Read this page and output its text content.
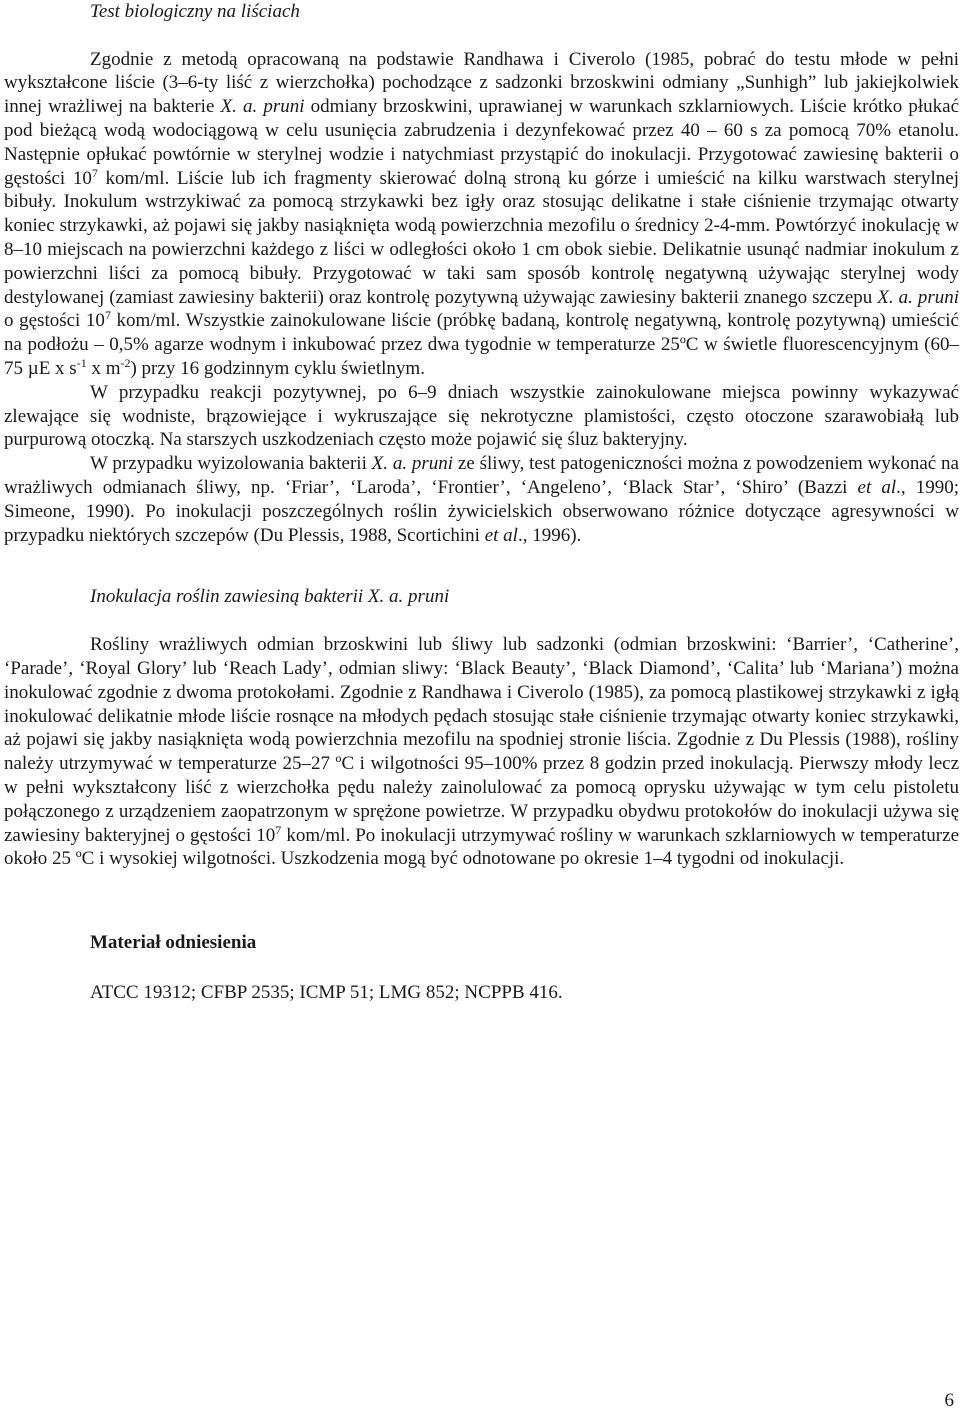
Test biologiczny na liściach

Zgodnie z metodą opracowaną na podstawie Randhawa i Civerolo (1985, pobrać do testu młode w pełni wykształcone liście (3–6-ty liść z wierzchołka) pochodzące z sadzonki brzoskwini odmiany „Sunhigh” lub jakiejkolwiek innej wrażliwej na bakterie X. a. pruni odmiany brzoskwini, uprawianej w warunkach szklarniowych. Liście krótko płukać pod bieżącą wodą wodociągową w celu usunięcia zabrudzenia i dezynfekować przez 40 – 60 s za pomocą 70% etanolu. Następnie opłukać powtórnie w sterylnej wodzie i natychmiast przystąpić do inokulacji. Przygotować zawiesinę bakterii o gęstości $10^7$ kom/ml. Liście lub ich fragmenty skierować dolną stroną ku górze i umieścić na kilku warstwach sterylnej bibuły. Inokulum wstrzykiwać za pomocą strzykawki bez igły oraz stosując delikatne i stałe ciśnienie trzymając otwarty koniec strzykawki, aż pojawi się jakby nasiąknięta wodą powierzchnia mezofilu o średnicy 2-4-mm. Powtórzyć inokulację w 8–10 miejscach na powierzchni każdego z liści w odległości około 1 cm obok siebie. Delikatnie usunąć nadmiar inokulum z powierzchni liści za pomocą bibuły. Przygotować w taki sam sposób kontrolę negatywną używając sterylnej wody destylowanej (zamiast zawiesiny bakterii) oraz kontrolę pozytywną używając zawiesiny bakterii znanego szczepu X. a. pruni o gęstości $10^7$ kom/ml. Wszystkie zainokulowane liście (próbkę badaną, kontrolę negatywną, kontrolę pozytywną) umieścić na podłożu – 0,5% agarze wodnym i inkubować przez dwa tygodnie w temperaturze 25ºC w świetle fluorescencyjnym (60–75 µE x $s^{-1}$ x $m^{-2}$) przy 16 godzinnym cyklu świetlnym.

W przypadku reakcji pozytywnej, po 6–9 dniach wszystkie zainokulowane miejsca powinny wykazywać zlewające się wodniste, brązowiejące i wykruszające się nekrotyczne plamistości, często otoczone szarawobiałą lub purpurową otoczką. Na starszych uszkodzeniach często może pojawić się śluz bakteryjny.

W przypadku wyizolowania bakterii X. a. pruni ze śliwy, test patogeniczności można z powodzeniem wykonać na wrażliwych odmianach śliwy, np. ‘Friar’, ‘Laroda’, ‘Frontier’, ‘Angeleno’, ‘Black Star’, ‘Shiro’ (Bazzi et al., 1990; Simeone, 1990). Po inokulacji poszczególnych roślin żywicielskich obserwowano różnice dotyczące agresywności w przypadku niektórych szczepów (Du Plessis, 1988, Scortichini et al., 1996).

Inokulacja roślin zawiesiną bakterii X. a. pruni

Rośliny wrażliwych odmian brzoskwini lub śliwy lub sadzonki (odmian brzoskwini: ‘Barrier’, ‘Catherine’, ‘Parade’, ‘Royal Glory’ lub ‘Reach Lady’, odmian sliwy: ‘Black Beauty’, ‘Black Diamond’, ‘Calita’ lub ‘Mariana’) można inokulować zgodnie z dwoma protokołami. Zgodnie z Randhawa i Civerolo (1985), za pomocą plastikowej strzykawki z igłą inokulować delikatnie młode liście rosnące na młodych pędach stosując stałe ciśnienie trzymając otwarty koniec strzykawki, aż pojawi się jakby nasiąknięta wodą powierzchnia mezofilu na spodniej stronie liścia. Zgodnie z Du Plessis (1988), rośliny należy utrzymywać w temperaturze 25–27 ºC i wilgotności 95–100% przez 8 godzin przed inokulacją. Pierwszy młody lecz w pełni wykształcony liść z wierzchołka pędu należy zainolulować za pomocą oprysku używając w tym celu pistoletu połączonego z urządzeniem zaopatrzonym w sprężone powietrze. W przypadku obydwu protokołów do inokulacji używa się zawiesiny bakteryjnej o gęstości $10^7$ kom/ml. Po inokulacji utrzymywać rośliny w warunkach szklarniowych w temperaturze około 25 ºC i wysokiej wilgotności. Uszkodzenia mogą być odnotowane po okresie 1–4 tygodni od inokulacji.

Materiał odniesienia

ATCC 19312; CFBP 2535; ICMP 51; LMG 852; NCPPB 416.

6
